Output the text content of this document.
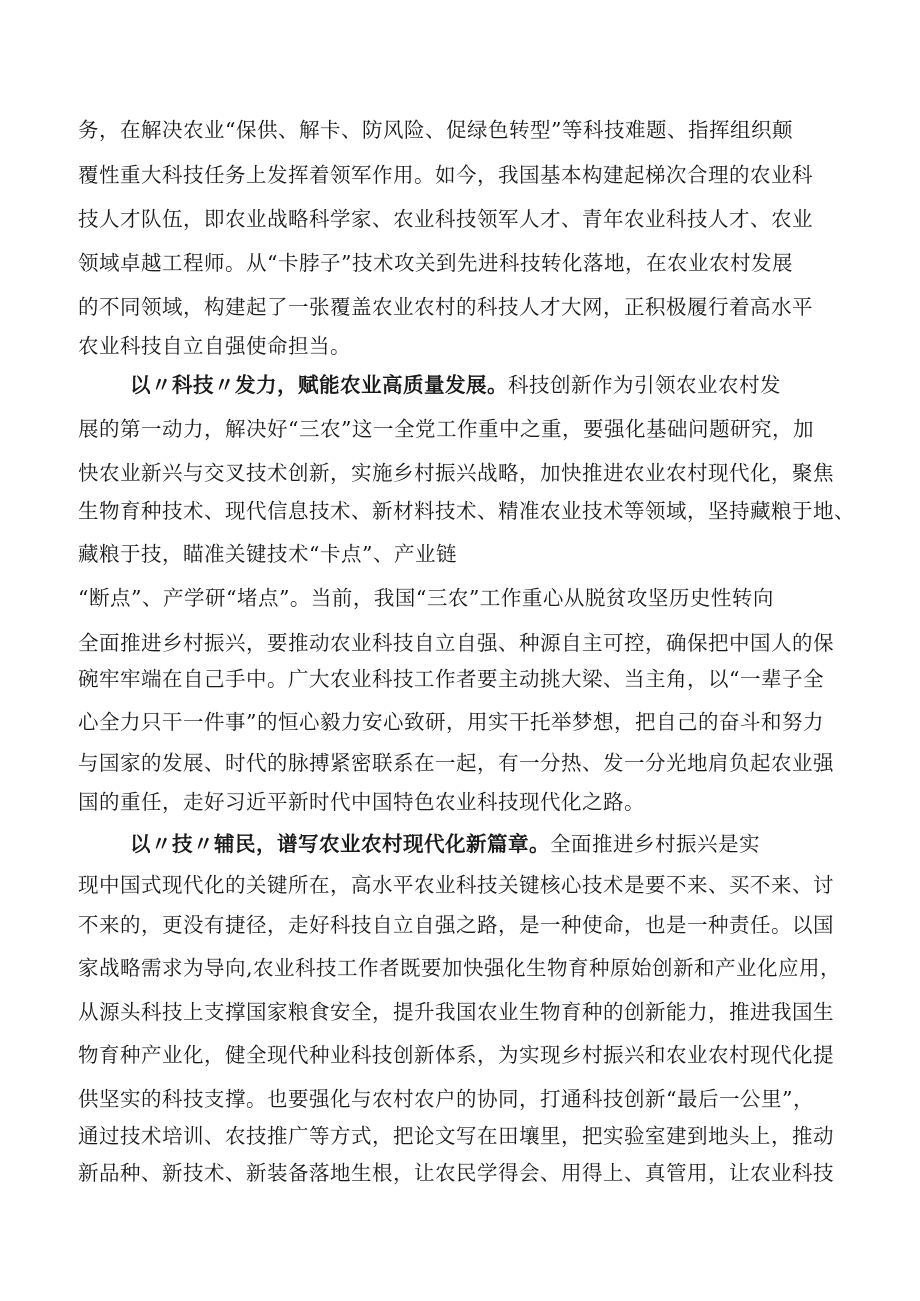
务，在解决农业“保供、解卡、防风险、促绿色转型”等科技难题、指挥组织颠
覆性重大科技任务上发挥着领军作用。如今，我国基本构建起梯次合理的农业科
技人才队伍，即农业战略科学家、农业科技领军人才、青年农业科技人才、农业
领域卓越工程师。从“卡脖子”技术攻关到先进科技转化落地，在农业农村发展
的不同领域，构建起了一张覆盖农业农村的科技人才大网，正积极履行着高水平
农业科技自立自强使命担当。
以〃科技〃发力，赋能农业高质量发展。科技创新作为引领农业农村发
展的第一动力，解决好“三农”这一全党工作重中之重，要强化基础问题研究，加
快农业新兴与交叉技术创新，实施乡村振兴战略，加快推进农业农村现代化，聚焦
生物育种技术、现代信息技术、新材料技术、精准农业技术等领域，坚持藏粮于地、
藏粮于技，瞄准关键技术“卡点”、产业链
“断点”、产学研“堵点”。当前，我国“三农”工作重心从脱贫攻坚历史性转向
全面推进乡村振兴，要推动农业科技自立自强、种源自主可控，确保把中国人的保
碗牢牢端在自己手中。广大农业科技工作者要主动挑大梁、当主角，以“一辈子全
心全力只干一件事”的恒心毅力安心致研，用实干托举梦想，把自己的奋斗和努力
与国家的发展、时代的脉搏紧密联系在一起，有一分热、发一分光地肩负起农业强
国的重任，走好习近平新时代中国特色农业科技现代化之路。
以〃技〃辅民，谱写农业农村现代化新篇章。全面推进乡村振兴是实
现中国式现代化的关键所在，高水平农业科技关键核心技术是要不来、买不来、讨
不来的，更没有捷径，走好科技自立自强之路，是一种使命，也是一种责任。以国
家战略需求为导向,农业科技工作者既要加快强化生物育种原始创新和产业化应用，
从源头科技上支撑国家粮食安全，提升我国农业生物育种的创新能力，推进我国生
物育种产业化，健全现代种业科技创新体系，为实现乡村振兴和农业农村现代化提
供坚实的科技支撑。也要强化与农村农户的协同，打通科技创新“最后一公里”，
通过技术培训、农技推广等方式，把论文写在田壤里，把实验室建到地头上，推动
新品种、新技术、新装备落地生根，让农民学得会、用得上、真管用，让农业科技
